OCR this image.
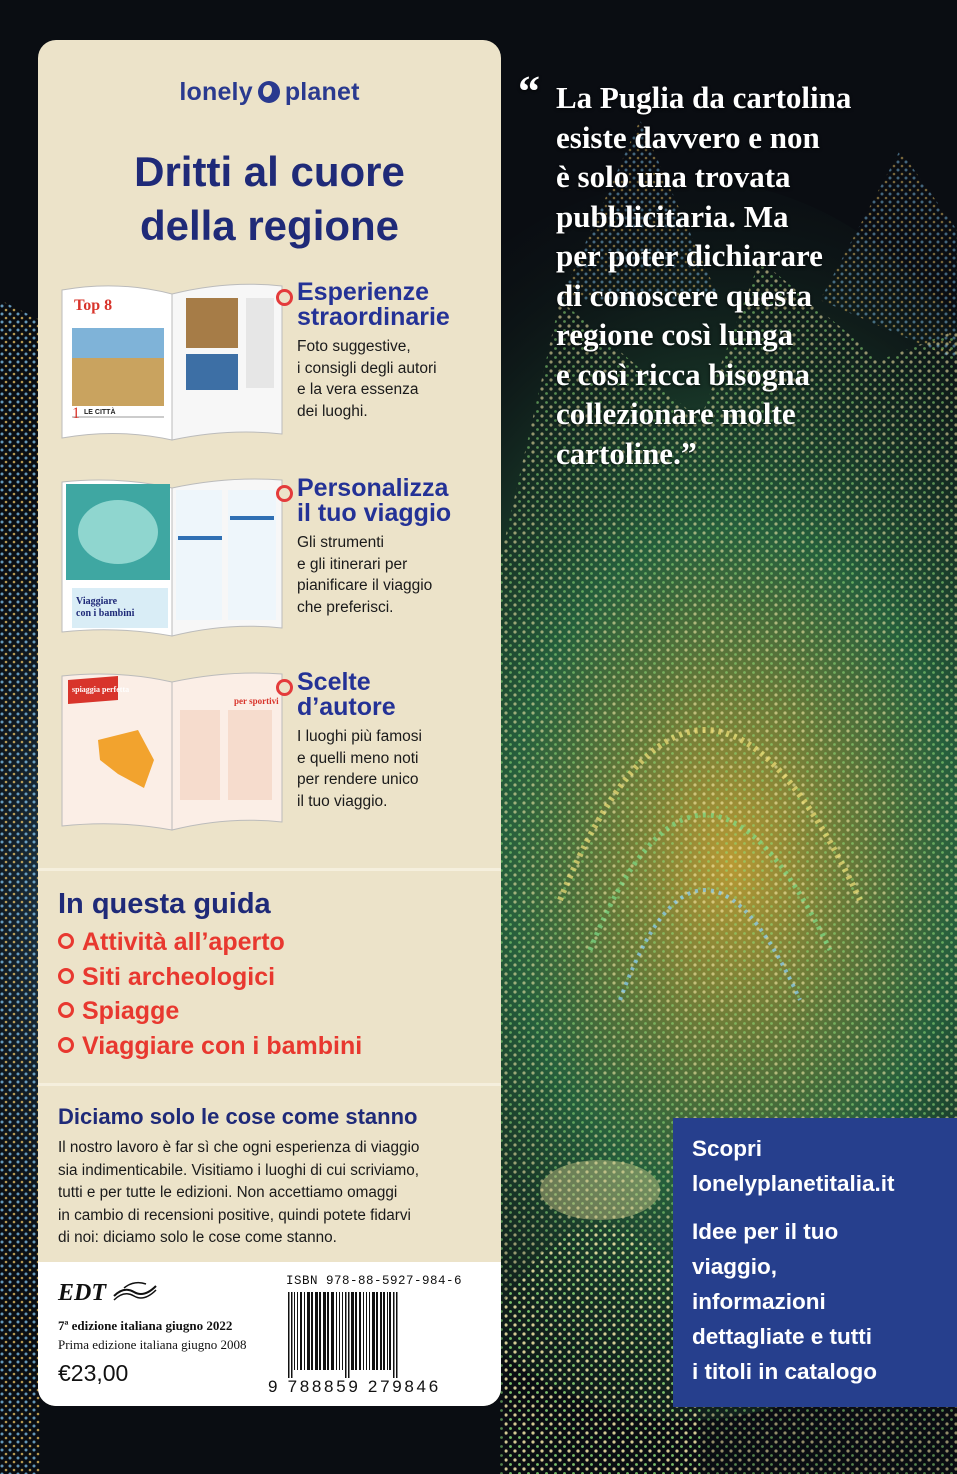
“ La Puglia da cartolina
esiste davvero e non
è solo una trovata
pubblicitaria. Ma
per poter dichiarare
di conoscere questa
regione così lunga
e così ricca bisogna
collezionare molte
cartoline.”
lonely planet
Dritti al cuore
della regione
Top 8
1 LE CITTÀ
Esperienze
straordinarie
Foto suggestive,
i consigli degli autori
e la vera essenza
dei luoghi.
Viaggiare
con i bambini
Personalizza
il tuo viaggio
Gli strumenti
e gli itinerari per
pianificare il viaggio
che preferisci.
spiaggia perfetta
per sportivi
Scelte
d’autore
I luoghi più famosi
e quelli meno noti
per rendere unico
il tuo viaggio.
In questa guida
Attività all’aperto
Siti archeologici
Spiagge
Viaggiare con i bambini
Diciamo solo le cose come stanno
Il nostro lavoro è far sì che ogni esperienza di viaggio
sia indimenticabile. Visitiamo i luoghi di cui scriviamo,
tutti e per tutte le edizioni. Non accettiamo omaggi
in cambio di recensioni positive, quindi potete fidarvi
di noi: diciamo solo le cose come stanno.
EDT
7ª edizione italiana giugno 2022
Prima edizione italiana giugno 2008
€23,00
ISBN 978-88-5927-984-6
9 788859 279846
Scopri
lonelyplanetitalia.it
Idee per il tuo
viaggio,
informazioni
dettagliate e tutti
i titoli in catalogo
